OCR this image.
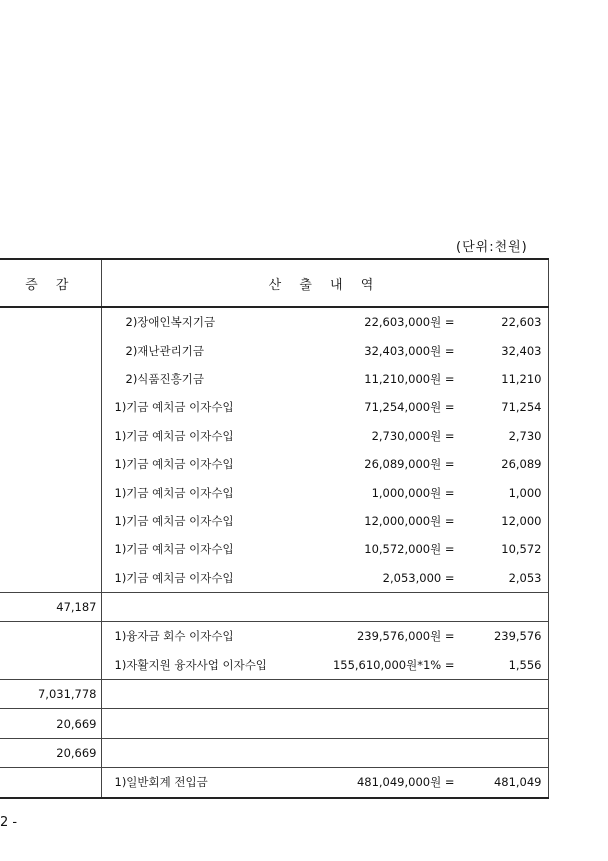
(단위:천원)
증 감	산 출 내 역

	2)장애인복지기금 22,603,000원 = 22,603

	2)재난관리기금 32,403,000원 = 32,403

	2)식품진흥기금 11,210,000원 = 11,210

	1)기금 예치금 이자수입 71,254,000원 = 71,254

	1)기금 예치금 이자수입 2,730,000원 = 2,730

	1)기금 예치금 이자수입 26,089,000원 = 26,089

	1)기금 예치금 이자수입 1,000,000원 = 1,000

	1)기금 예치금 이자수입 12,000,000원 = 12,000

	1)기금 예치금 이자수입 10,572,000원 = 10,572

	1)기금 예치금 이자수입 2,053,000 = 2,053

47,187	

	1)융자금 회수 이자수입 239,576,000원 = 239,576

	1)자활지원 융자사업 이자수입 155,610,000원*1% = 1,556

7,031,778	

20,669	

20,669	

	1)일반회계 전입금 481,049,000원 = 481,049
2 -
